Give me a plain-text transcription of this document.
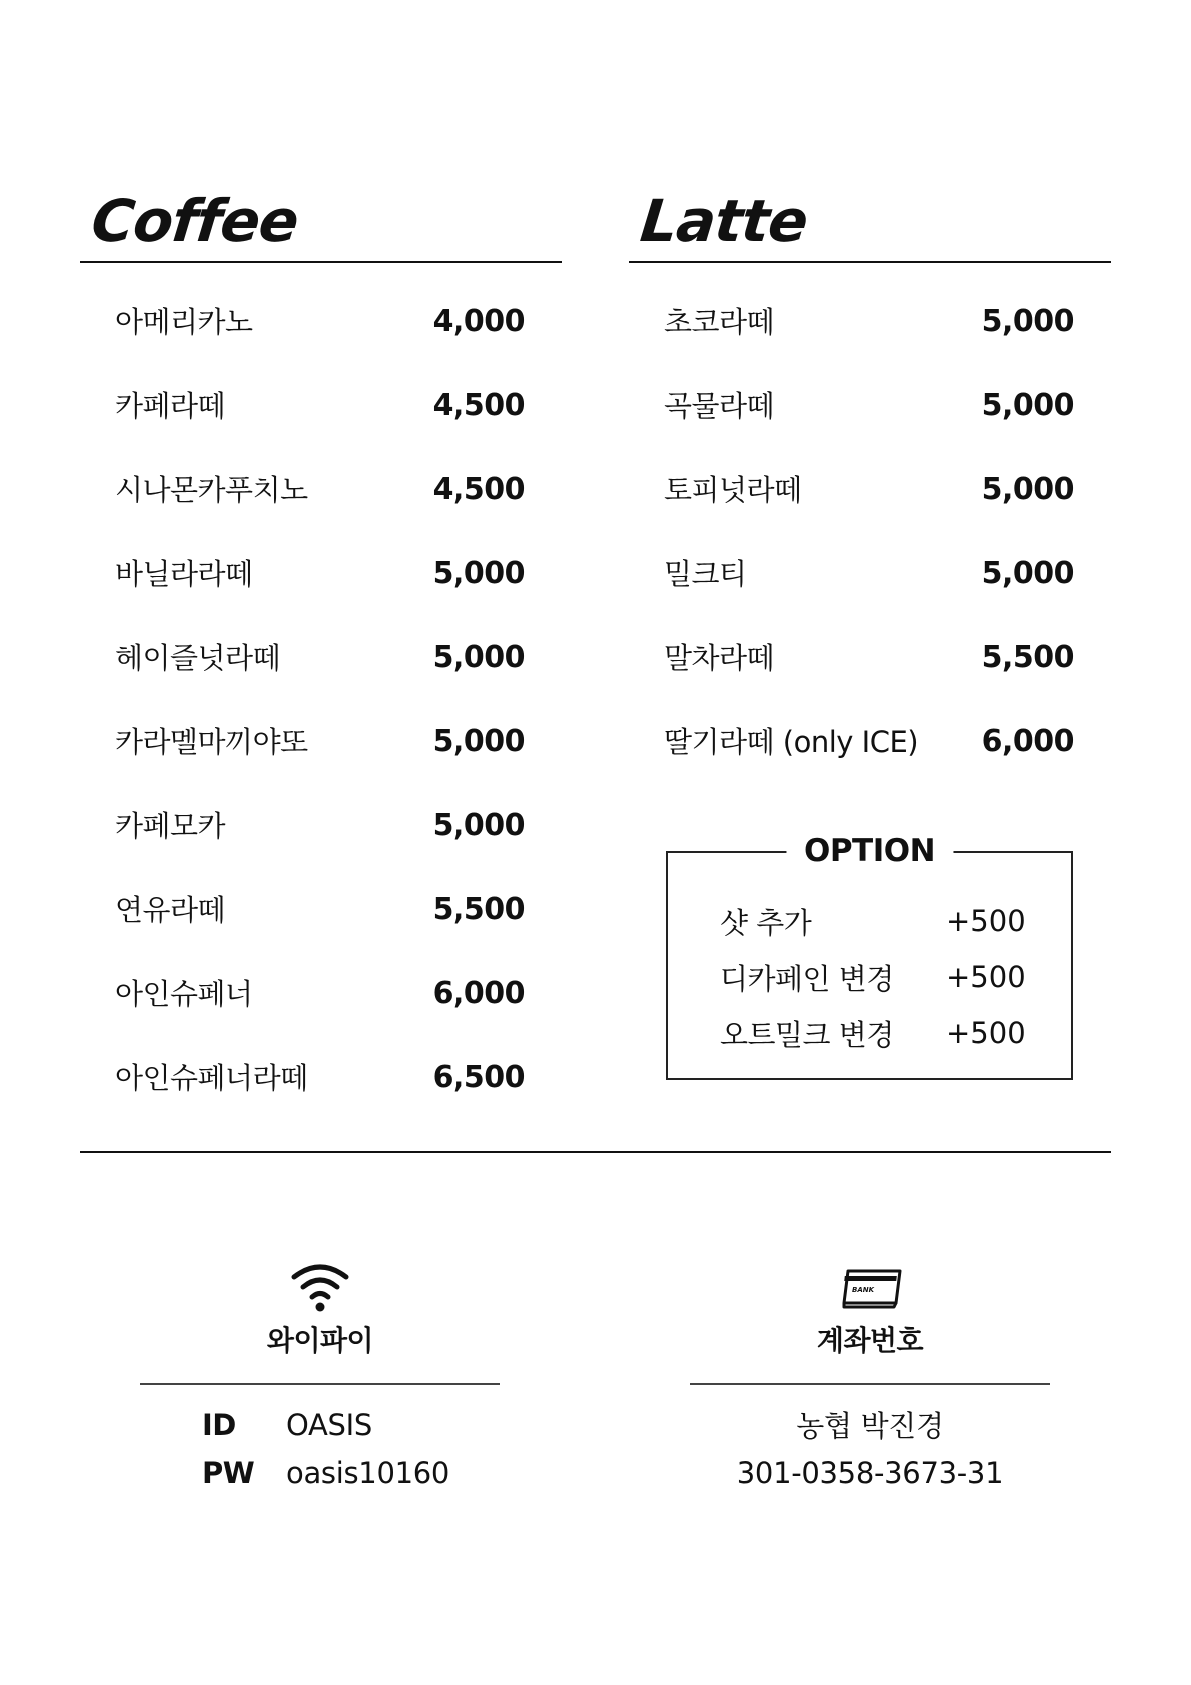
Coffee
아메리카노	4,000
카페라떼	4,500
시나몬카푸치노	4,500
바닐라라떼	5,000
헤이즐넛라떼	5,000
카라멜마끼야또	5,000
카페모카	5,000
연유라떼	5,500
아인슈페너	6,000
아인슈페너라떼	6,500
Latte
초코라떼	5,000
곡물라떼	5,000
토피넛라떼	5,000
밀크티	5,000
말차라떼	5,500
딸기라떼 (only ICE) 6,000
OPTION
샷 추가	+500
디카페인 변경	+500
오트밀크 변경	+500
와이파이
ID	OASIS
PW	oasis10160
BANK
계좌번호
농협 박진경
301-0358-3673-31
